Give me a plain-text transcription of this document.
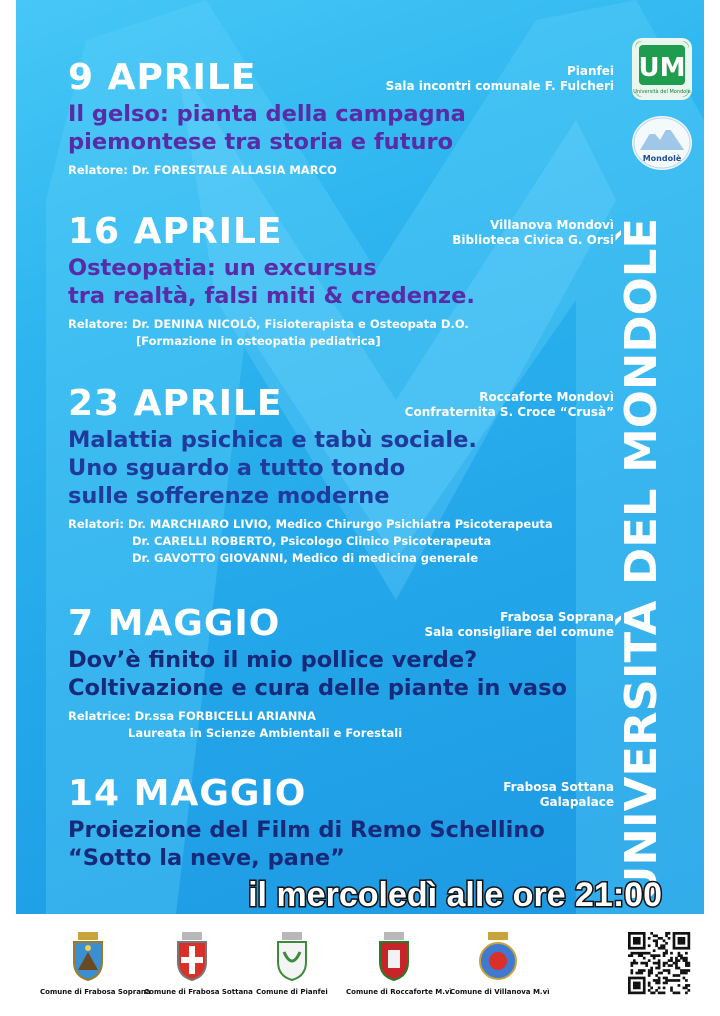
9 APRILE	Pianfei
Sala incontri comunale F. Fulcheri
Il gelso: pianta della campagna
piemontese tra storia e futuro
Relatore: Dr. FORESTALE ALLASIA MARCO
16 APRILE	Villanova Mondovì
Biblioteca Civica G. Orsi
Osteopatia: un excursus
tra realtà, falsi miti & credenze.
Relatore: Dr. DENINA NICOLÒ, Fisioterapista e Osteopata D.O.
[Formazione in osteopatia pediatrica]
23 APRILE	Roccaforte Mondovì
Confraternita S. Croce “Crusà”
Malattia psichica e tabù sociale.
Uno sguardo a tutto tondo
sulle sofferenze moderne
Relatori: Dr. MARCHIARO LIVIO, Medico Chirurgo Psichiatra Psicoterapeuta
Dr. CARELLI ROBERTO, Psicologo Clinico Psicoterapeuta
Dr. GAVOTTO GIOVANNI, Medico di medicina generale
7 MAGGIO	Frabosa Soprana
Sala consigliare del comune
Dov’è finito il mio pollice verde?
Coltivazione e cura delle piante in vaso
Relatrice: Dr.ssa FORBICELLI ARIANNA
Laureata in Scienze Ambientali e Forestali
14 MAGGIO	Frabosa Sottana
Galapalace
Proiezione del Film di Remo Schellino
“Sotto la neve, pane”	UNIVERSITÀ DEL MONDOLÈ
il mercoledì alle ore 21:00
UM
Università del Mondolè
Mondolè
Comune di Frabosa Soprana
Comune di Frabosa Sottana Comune di Pianfei	Comune di Roccaforte M.vì
Comune di Villanova M.vì
